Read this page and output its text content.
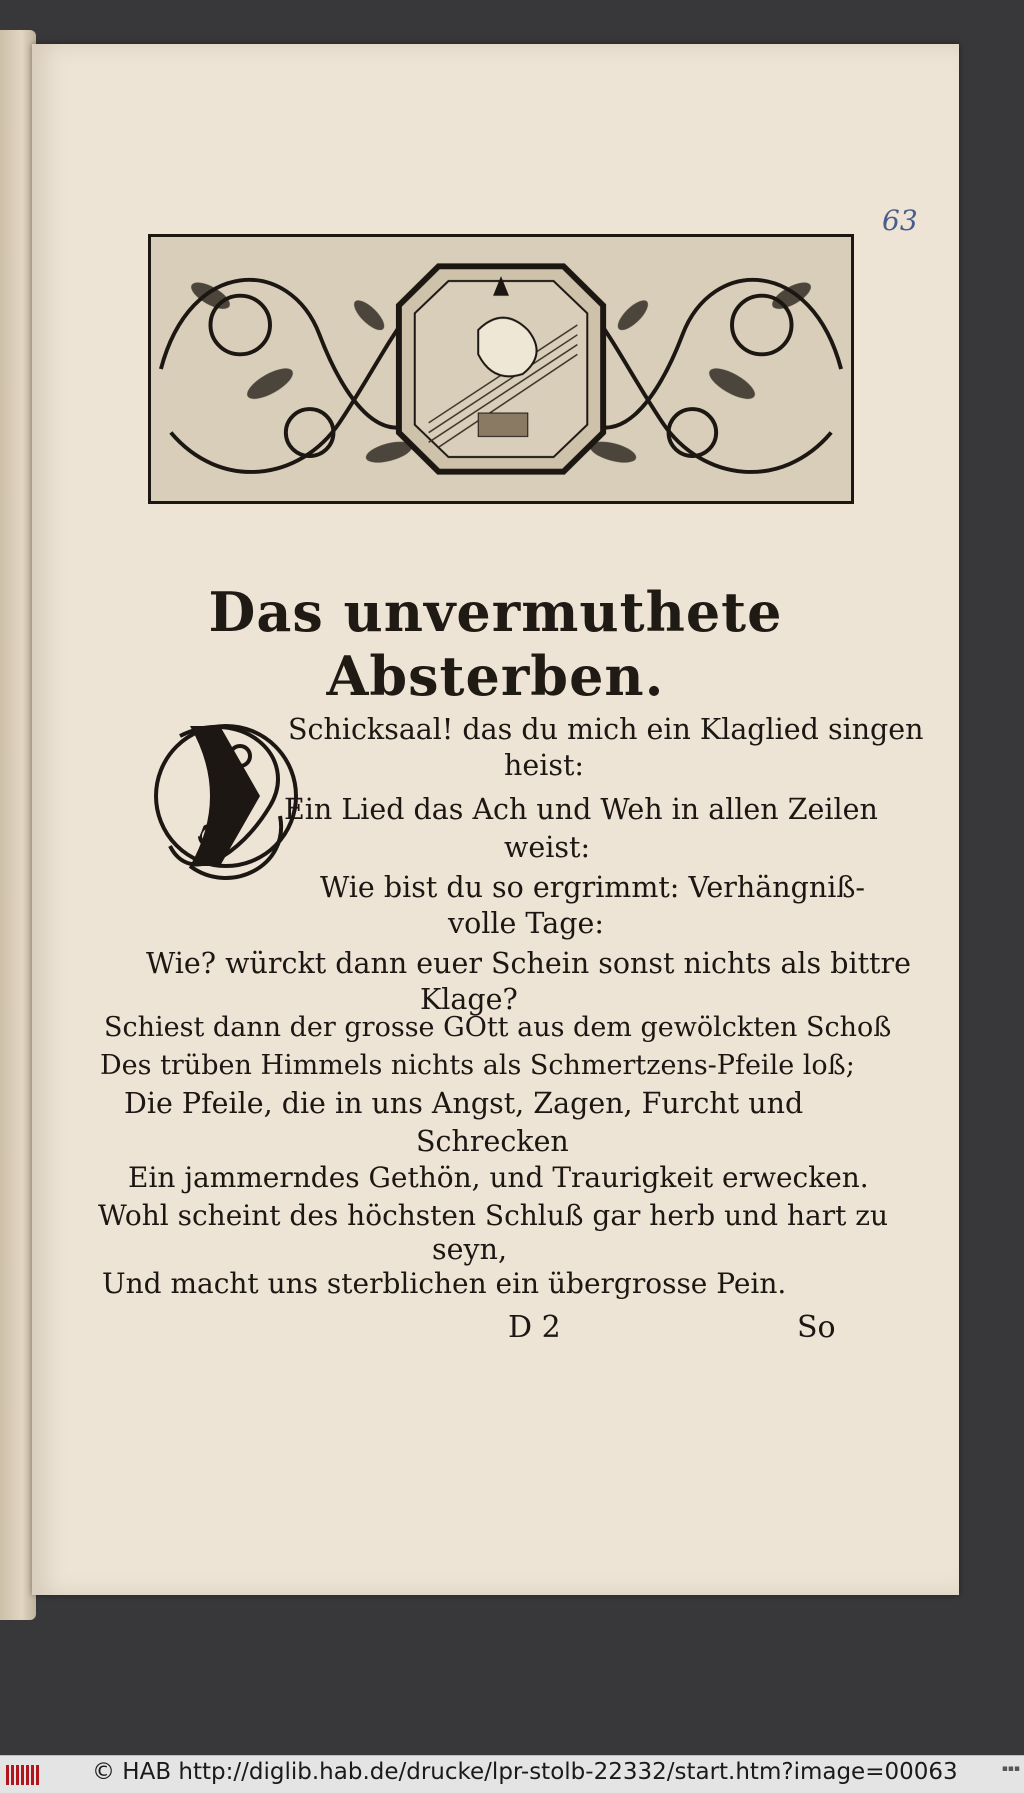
63
Das unvermuthete Absterben.
Schicksaal! das du mich ein Klaglied singen
heist:
Ein Lied das Ach und Weh in allen Zeilen
weist:
Wie bist du so ergrimmt: Verhängniß-
volle Tage:
Wie? würckt dann euer Schein sonst nichts als bittre
Klage?
Schiest dann der grosse GOtt aus dem gewölckten Schoß
Des trüben Himmels nichts als Schmertzens-Pfeile loß;
Die Pfeile, die in uns Angst, Zagen, Furcht und
Schrecken
Ein jammerndes Gethön, und Traurigkeit erwecken.
Wohl scheint des höchsten Schluß gar herb und hart zu
seyn,
Und macht uns sterblichen ein übergrosse Pein.
D 2	So
© HAB http://diglib.hab.de/drucke/lpr-stolb-22332/start.htm?image=00063	▪▪▪
